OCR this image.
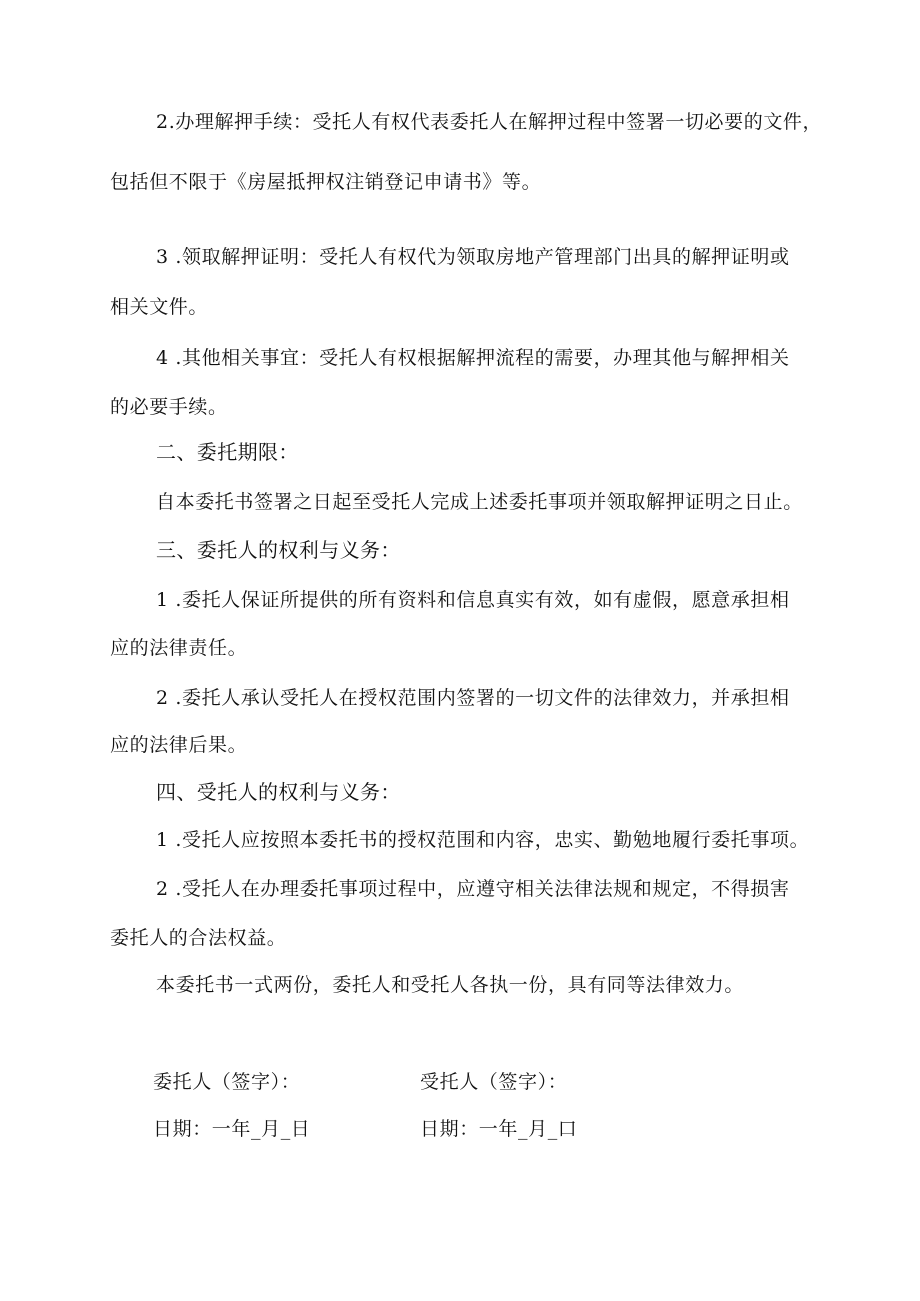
2.办理解押手续：受托人有权代表委托人在解押过程中签署一切必要的文件，
包括但不限于《房屋抵押权注销登记申请书》等。
3 .领取解押证明：受托人有权代为领取房地产管理部门出具的解押证明或
相关文件。
4 .其他相关事宜：受托人有权根据解押流程的需要，办理其他与解押相关
的必要手续。
二、委托期限：
自本委托书签署之日起至受托人完成上述委托事项并领取解押证明之日止。
三、委托人的权利与义务：
1 .委托人保证所提供的所有资料和信息真实有效，如有虚假，愿意承担相
应的法律责任。
2 .委托人承认受托人在授权范围内签署的一切文件的法律效力，并承担相
应的法律后果。
四、受托人的权利与义务：
1 .受托人应按照本委托书的授权范围和内容，忠实、勤勉地履行委托事项。
2 .受托人在办理委托事项过程中，应遵守相关法律法规和规定，不得损害
委托人的合法权益。
本委托书一式两份，委托人和受托人各执一份，具有同等法律效力。
委托人（签字）：	受托人（签字）：
日期：一年_月_日	日期：一年_月_口
